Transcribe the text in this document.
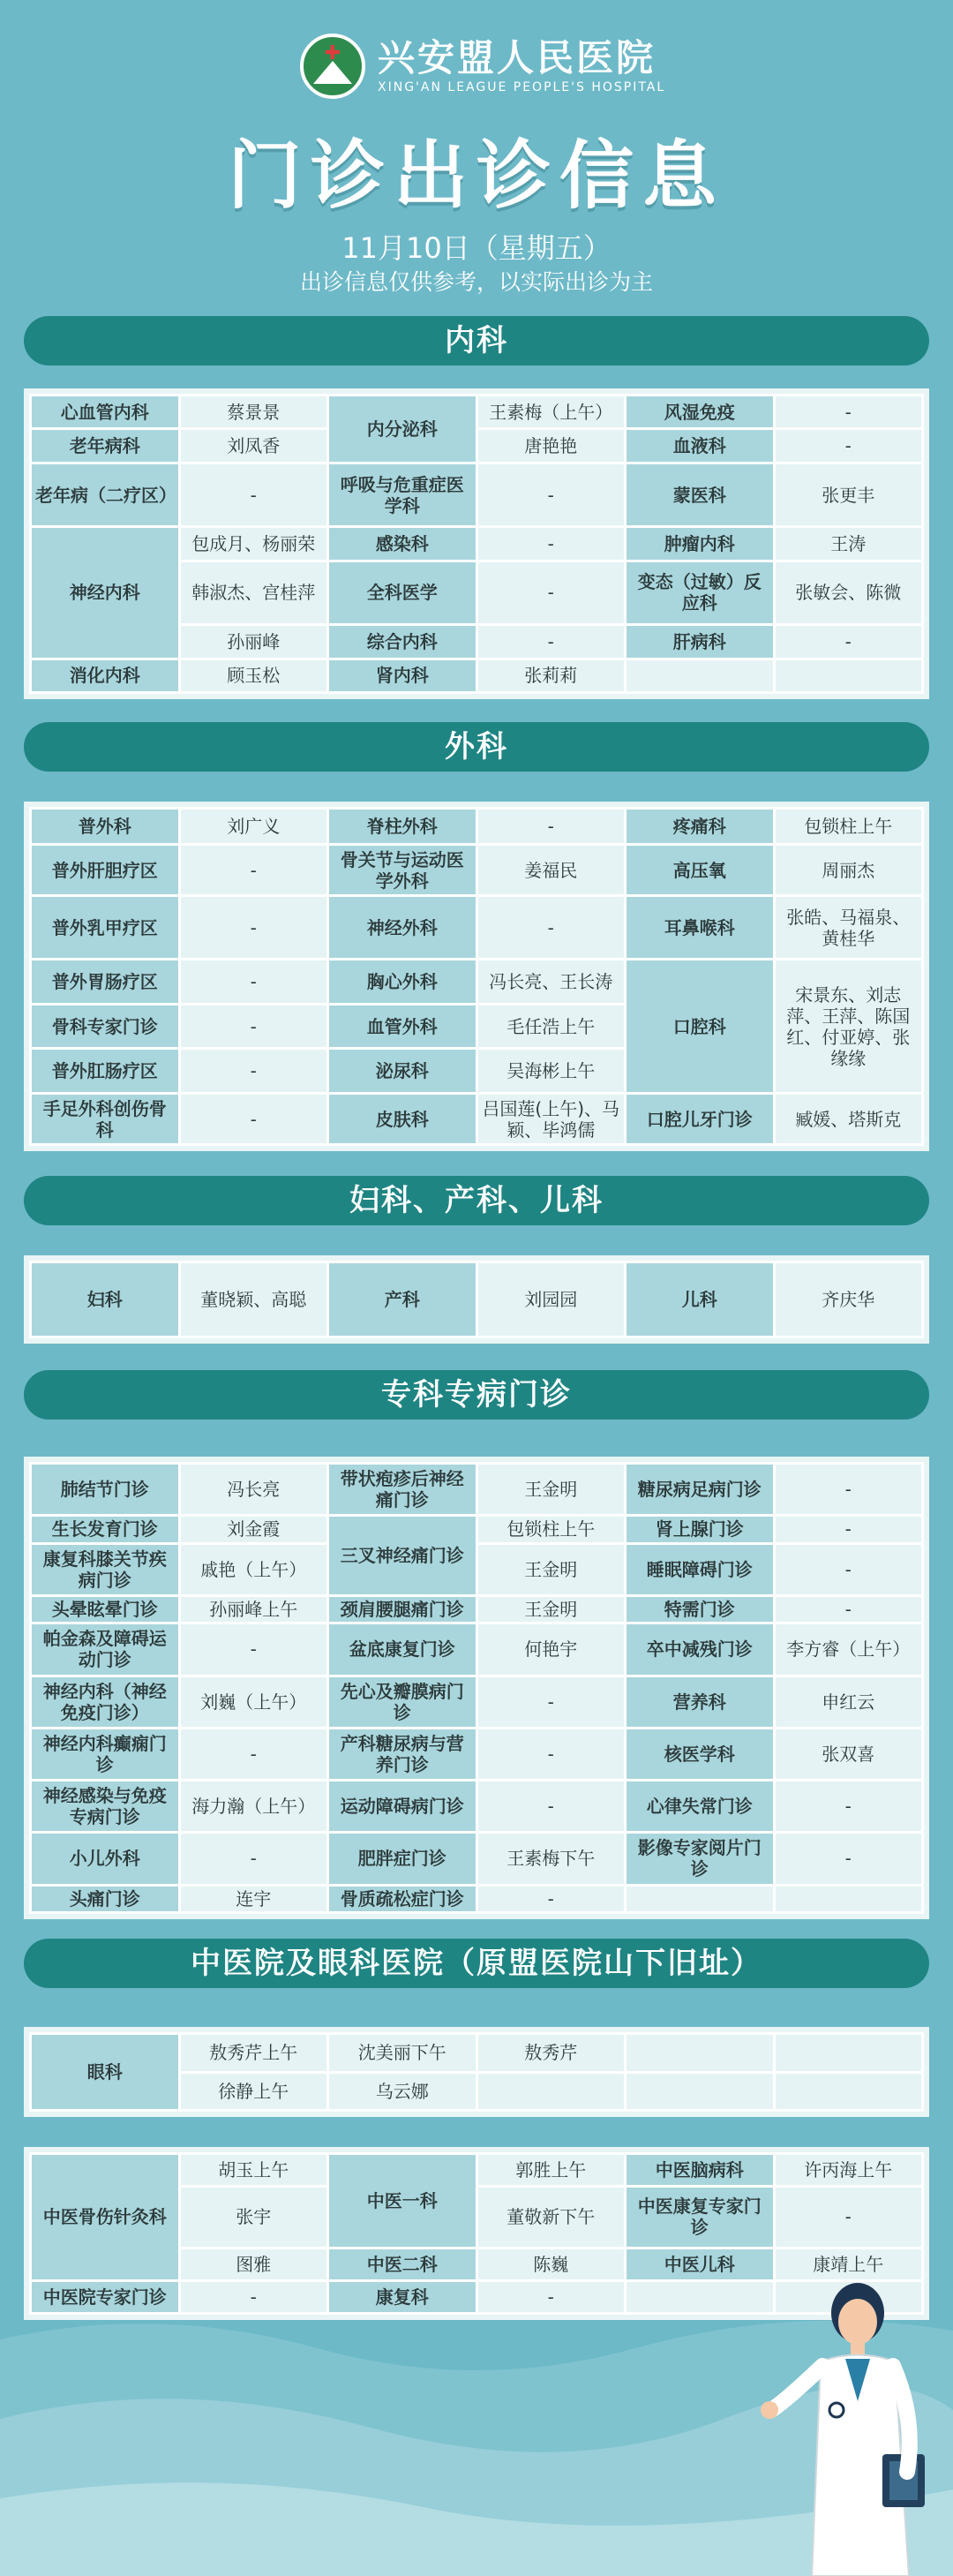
✚ 兴安盟人民医院
XING'AN LEAGUE PEOPLE'S HOSPITAL
门诊出诊信息
11月10日（星期五）
出诊信息仅供参考，以实际出诊为主
内科
心血管内科	蔡景景	内分泌科	王素梅（上午）	风湿免疫	-
老年病科	刘凤香		唐艳艳	血液科	-
老年病（二疗区）	-	呼吸与危重症医学科	-	蒙医科	张更丰
神经内科	包成月、杨丽荣	感染科	-	肿瘤内科	王涛
	韩淑杰、宫桂萍	全科医学	-	变态（过敏）反应科	张敏会、陈微
	孙丽峰	综合内科	-	肝病科	-
消化内科	顾玉松	肾内科	张莉莉		
外科
普外科	刘广义	脊柱外科	-	疼痛科	包锁柱上午
普外肝胆疗区	-	骨关节与运动医学外科	姜福民	高压氧	周丽杰
普外乳甲疗区	-	神经外科	-	耳鼻喉科	张皓、马福泉、黄桂华
普外胃肠疗区	-	胸心外科	冯长亮、王长涛	口腔科	宋景东、刘志萍、王萍、陈国红、付亚婷、张缘缘
骨科专家门诊	-	血管外科	毛任浩上午		
普外肛肠疗区	-	泌尿科	吴海彬上午		
手足外科创伤骨科	-	皮肤科	吕国莲(上午)、马颖、毕鸿儒	口腔儿牙门诊	臧媛、塔斯克
妇科、产科、儿科
妇科	董晓颖、高聪	产科	刘园园	儿科	齐庆华
专科专病门诊
肺结节门诊	冯长亮	带状疱疹后神经痛门诊	王金明	糖尿病足病门诊	-
生长发育门诊	刘金霞	三叉神经痛门诊	包锁柱上午	肾上腺门诊	-
康复科膝关节疾病门诊	戚艳（上午）		王金明	睡眠障碍门诊	-
头晕眩晕门诊	孙丽峰上午	颈肩腰腿痛门诊	王金明	特需门诊	-
帕金森及障碍运动门诊	-	盆底康复门诊	何艳宇	卒中减残门诊	李方睿（上午）
神经内科（神经免疫门诊）	刘巍（上午）	先心及瓣膜病门诊	-	营养科	申红云
神经内科癫痫门诊	-	产科糖尿病与营养门诊	-	核医学科	张双喜
神经感染与免疫专病门诊	海力瀚（上午）	运动障碍病门诊	-	心律失常门诊	-
小儿外科	-	肥胖症门诊	王素梅下午	影像专家阅片门诊	-
头痛门诊	连宇	骨质疏松症门诊	-		
中医院及眼科医院（原盟医院山下旧址）
眼科	敖秀芹上午	沈美丽下午	敖秀芹		
	徐静上午	乌云娜			
中医骨伤针灸科	胡玉上午	中医一科	郭胜上午	中医脑病科	许丙海上午
	张宇		董敬新下午	中医康复专家门诊	-
	图雅	中医二科	陈巍	中医儿科	康靖上午
中医院专家门诊	-	康复科	-		
